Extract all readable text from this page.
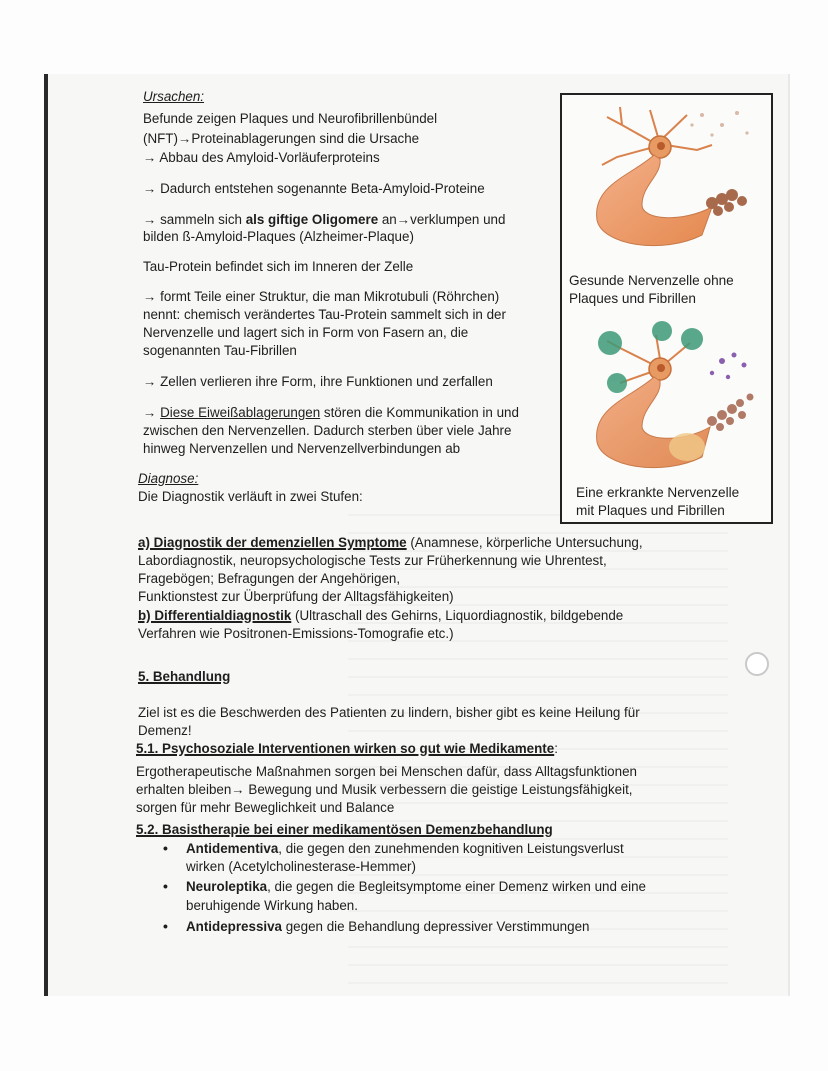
Ursachen:
Befunde zeigen Plaques und Neurofibrillenbündel
(NFT)→Proteinablagerungen sind die Ursache
→ Abbau des Amyloid-Vorläuferproteins
→ Dadurch entstehen sogenannte Beta-Amyloid-Proteine
→ sammeln sich als giftige Oligomere an→verklumpen und
bilden ß-Amyloid-Plaques (Alzheimer-Plaque)
Tau-Protein befindet sich im Inneren der Zelle
→ formt Teile einer Struktur, die man Mikrotubuli (Röhrchen)
nennt: chemisch verändertes Tau-Protein sammelt sich in der
Nervenzelle und lagert sich in Form von Fasern an, die
sogenannten Tau-Fibrillen
→ Zellen verlieren ihre Form, ihre Funktionen und zerfallen
→ Diese Eiweißablagerungen stören die Kommunikation in und
zwischen den Nervenzellen. Dadurch sterben über viele Jahre
hinweg Nervenzellen und Nervenzellverbindungen ab
Diagnose:
Die Diagnostik verläuft in zwei Stufen:
a) Diagnostik der demenziellen Symptome (Anamnese, körperliche Untersuchung,
Labordiagnostik, neuropsychologische Tests zur Früherkennung wie Uhrentest,
Fragebögen; Befragungen der Angehörigen,
Funktionstest zur Überprüfung der Alltagsfähigkeiten)
b) Differentialdiagnostik (Ultraschall des Gehirns, Liquordiagnostik, bildgebende
Verfahren wie Positronen-Emissions-Tomografie etc.)
5. Behandlung
Ziel ist es die Beschwerden des Patienten zu lindern, bisher gibt es keine Heilung für
Demenz!
5.1. Psychosoziale Interventionen wirken so gut wie Medikamente:
Ergotherapeutische Maßnahmen sorgen bei Menschen dafür, dass Alltagsfunktionen
erhalten bleiben→ Bewegung und Musik verbessern die geistige Leistungsfähigkeit,
sorgen für mehr Beweglichkeit und Balance
5.2. Basistherapie bei einer medikamentösen Demenzbehandlung
• Antidementiva, die gegen den zunehmenden kognitiven Leistungsverlust
wirken (Acetylcholinesterase-Hemmer)
• Neuroleptika, die gegen die Begleitsymptome einer Demenz wirken und eine
beruhigende Wirkung haben.
• Antidepressiva gegen die Behandlung depressiver Verstimmungen
Gesunde Nervenzelle ohne
Plaques und Fibrillen
Eine erkrankte Nervenzelle
mit Plaques und Fibrillen
